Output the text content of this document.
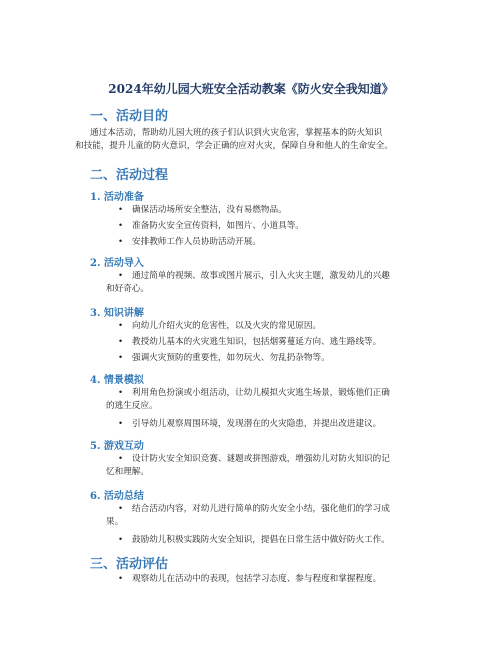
2024年幼儿园大班安全活动教案《防火安全我知道》

一、活动目的

通过本活动，帮助幼儿园大班的孩子们认识到火灾危害，掌握基本的防火知识

和技能，提升儿童的防火意识，学会正确的应对火灾，保障自身和他人的生命安全。

二、活动过程

1. 活动准备

• 确保活动场所安全整洁，没有易燃物品。

• 准备防火安全宣传资料，如图片、小道具等。

• 安排教师工作人员协助活动开展。

2. 活动导入

• 通过简单的视频、故事或图片展示，引入火灾主题，激发幼儿的兴趣

和好奇心。

3. 知识讲解

• 向幼儿介绍火灾的危害性，以及火灾的常见原因。

• 教授幼儿基本的火灾逃生知识，包括烟雾蔓延方向、逃生路线等。

• 强调火灾预防的重要性，如勿玩火、勿乱扔杂物等。

4. 情景模拟

• 利用角色扮演或小组活动，让幼儿模拟火灾逃生场景，锻炼他们正确

的逃生反应。

• 引导幼儿观察周围环境，发现潜在的火灾隐患，并提出改进建议。

5. 游戏互动

• 设计防火安全知识竞赛、谜题或拼图游戏，增强幼儿对防火知识的记

忆和理解。

6. 活动总结

• 结合活动内容，对幼儿进行简单的防火安全小结，强化他们的学习成

果。

• 鼓励幼儿积极实践防火安全知识，提倡在日常生活中做好防火工作。

三、活动评估

• 观察幼儿在活动中的表现，包括学习态度、参与程度和掌握程度。
